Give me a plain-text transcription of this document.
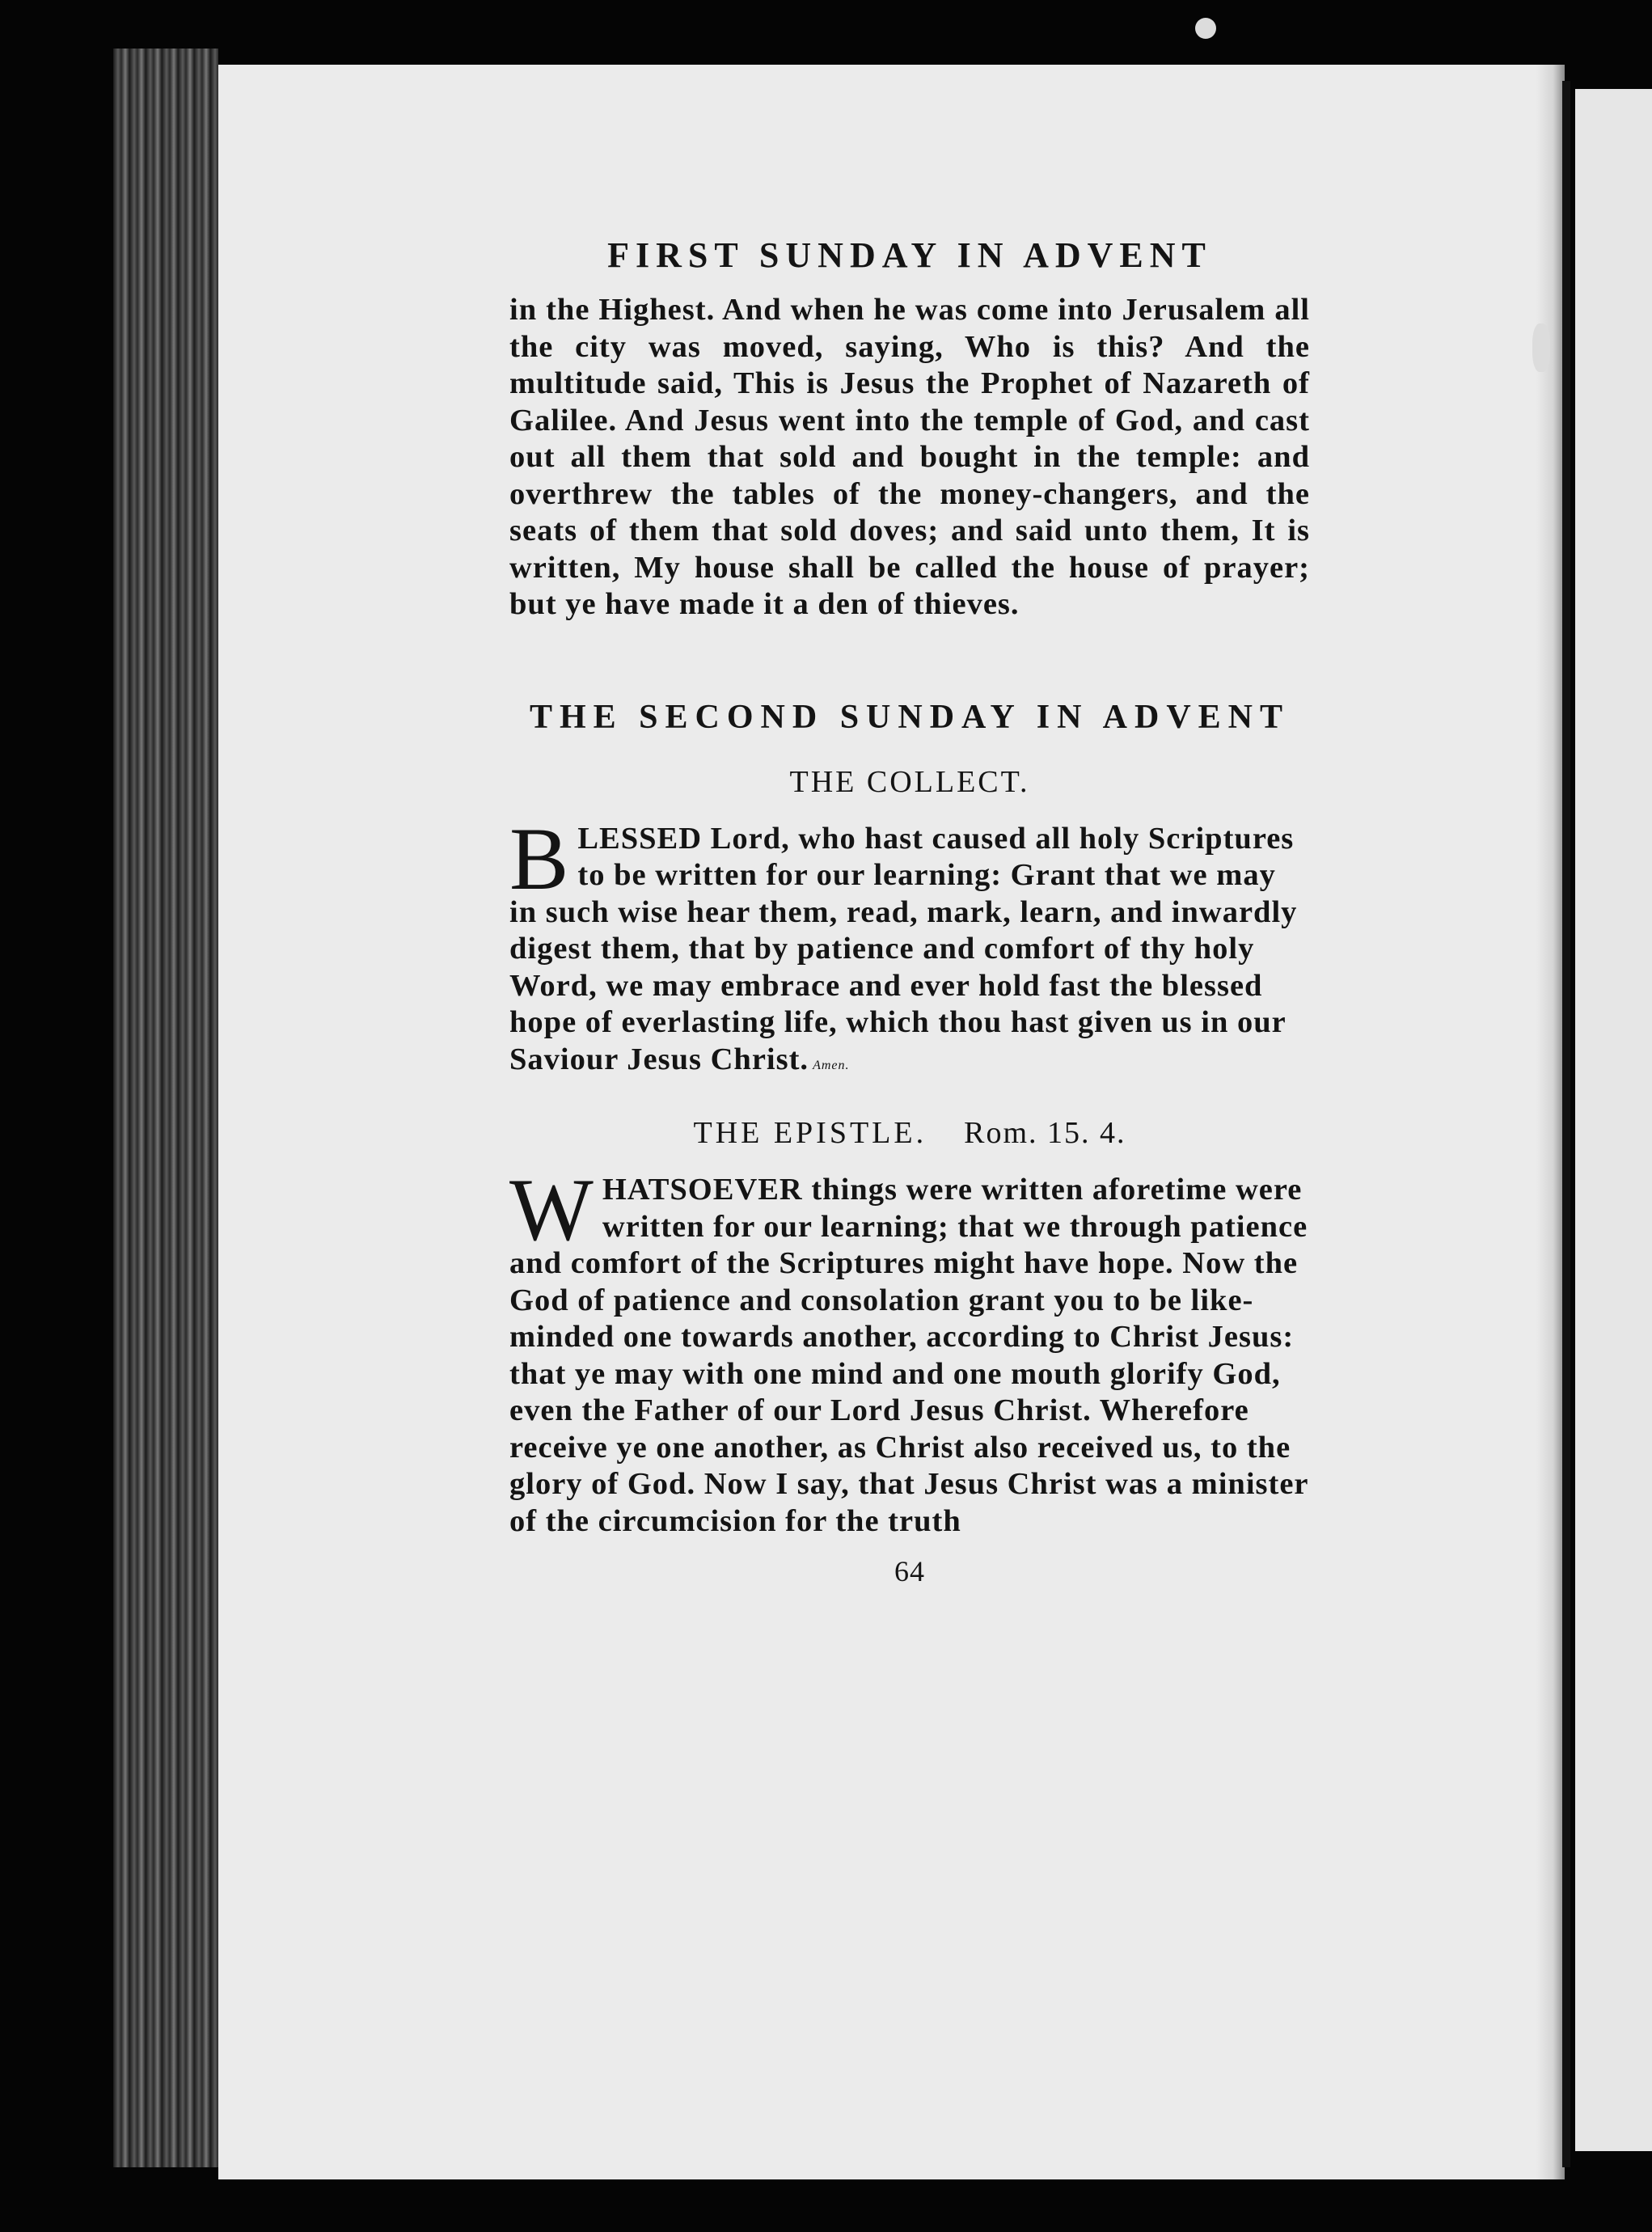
FIRST SUNDAY IN ADVENT

in the Highest. And when he was come into Jerusalem all the city was moved, saying, Who is this? And the multitude said, This is Jesus the Prophet of Nazareth of Galilee. And Jesus went into the temple of God, and cast out all them that sold and bought in the temple: and overthrew the tables of the money-changers, and the seats of them that sold doves; and said unto them, It is written, My house shall be called the house of prayer; but ye have made it a den of thieves.

THE SECOND SUNDAY IN ADVENT
THE COLLECT.
B LESSED Lord, who hast caused all holy Scriptures to be written for our learning: Grant that we may in such wise hear them, read, mark, learn, and inwardly digest them, that by patience and comfort of thy holy Word, we may embrace and ever hold fast the blessed hope of everlasting life, which thou hast given us in our Saviour Jesus Christ. Amen.
THE EPISTLE. Rom. 15. 4.
W HATSOEVER things were written aforetime were written for our learning; that we through patience and comfort of the Scriptures might have hope. Now the God of patience and consolation grant you to be like-minded one towards another, according to Christ Jesus: that ye may with one mind and one mouth glorify God, even the Father of our Lord Jesus Christ. Wherefore receive ye one another, as Christ also received us, to the glory of God. Now I say, that Jesus Christ was a minister of the circumcision for the truth
64
